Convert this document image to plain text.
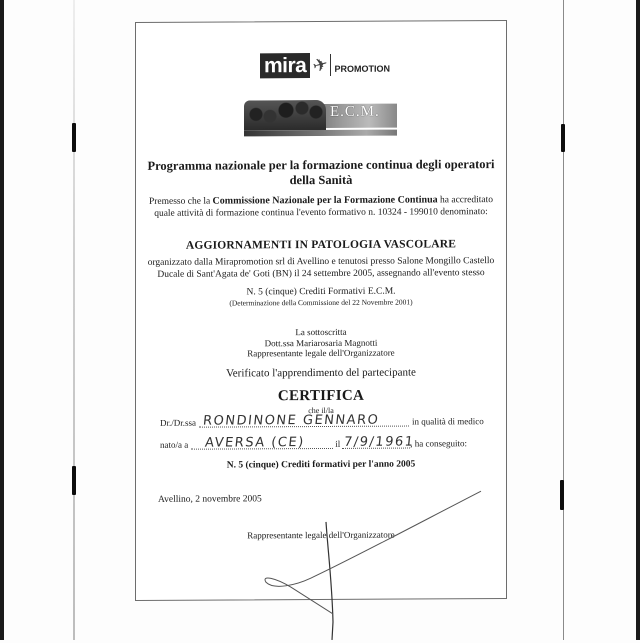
mira ✈ PROMOTION
E.C.M.
Programma nazionale per la formazione continua degli operatori della Sanità
Premesso che la Commissione Nazionale per la Formazione Continua ha accreditato quale attività di formazione continua l'evento formativo n. 10324 - 199010 denominato:
AGGIORNAMENTI IN PATOLOGIA VASCOLARE
organizzato dalla Mirapromotion srl di Avellino e tenutosi presso Salone Mongillo Castello Ducale di Sant'Agata de' Goti (BN) il 24 settembre 2005, assegnando all'evento stesso
N. 5 (cinque) Crediti Formativi E.C.M.
(Determinazione della Commissione del 22 Novembre 2001)
La sottoscritta
Dott.ssa Mariarosaria Magnotti
Rappresentante legale dell'Organizzatore
Verificato l'apprendimento del partecipante
CERTIFICA
che il/la
Dr./Dr.ssa RONDINONE GENNARO	in qualità di medico
nato/a a AVERSA (CE)	il 7/9/1961
, ha conseguito:
N. 5 (cinque) Crediti formativi per l'anno 2005
Avellino, 2 novembre 2005
Rappresentante legale dell'Organizzatore
